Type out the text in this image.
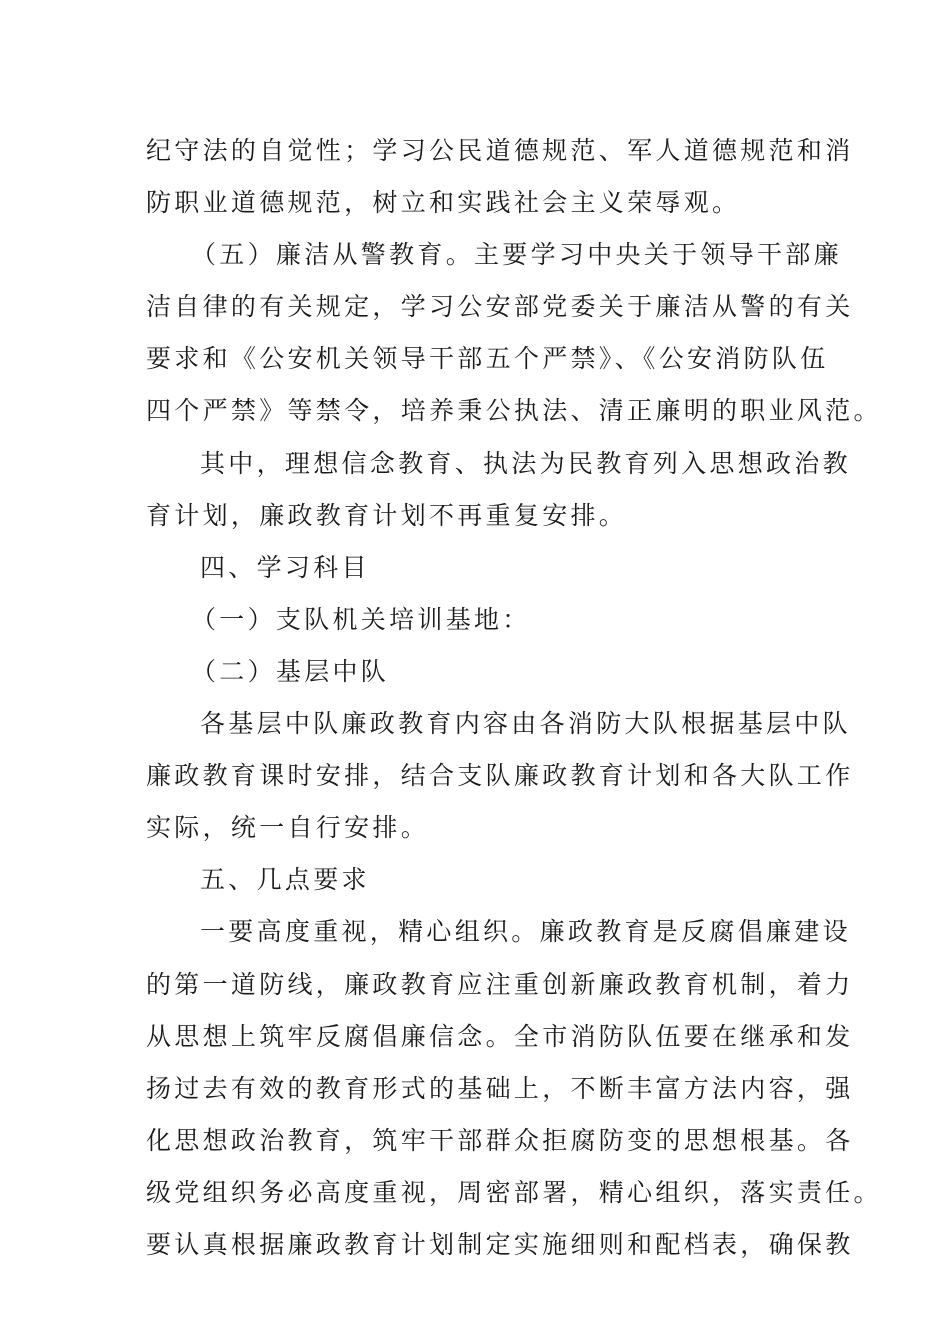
纪守法的自觉性；学习公民道德规范、军人道德规范和消
防职业道德规范，树立和实践社会主义荣辱观。
（五）廉洁从警教育。主要学习中央关于领导干部廉
洁自律的有关规定，学习公安部党委关于廉洁从警的有关
要求和《公安机关领导干部五个严禁》、《公安消防队伍
四个严禁》等禁令，培养秉公执法、清正廉明的职业风范。
其中，理想信念教育、执法为民教育列入思想政治教
育计划，廉政教育计划不再重复安排。
四、学习科目
（一）支队机关培训基地：
（二）基层中队
各基层中队廉政教育内容由各消防大队根据基层中队
廉政教育课时安排，结合支队廉政教育计划和各大队工作
实际，统一自行安排。
五、几点要求
一要高度重视，精心组织。廉政教育是反腐倡廉建设
的第一道防线，廉政教育应注重创新廉政教育机制，着力
从思想上筑牢反腐倡廉信念。全市消防队伍要在继承和发
扬过去有效的教育形式的基础上，不断丰富方法内容，强
化思想政治教育，筑牢干部群众拒腐防变的思想根基。各
级党组织务必高度重视，周密部署，精心组织，落实责任。
要认真根据廉政教育计划制定实施细则和配档表，确保教
